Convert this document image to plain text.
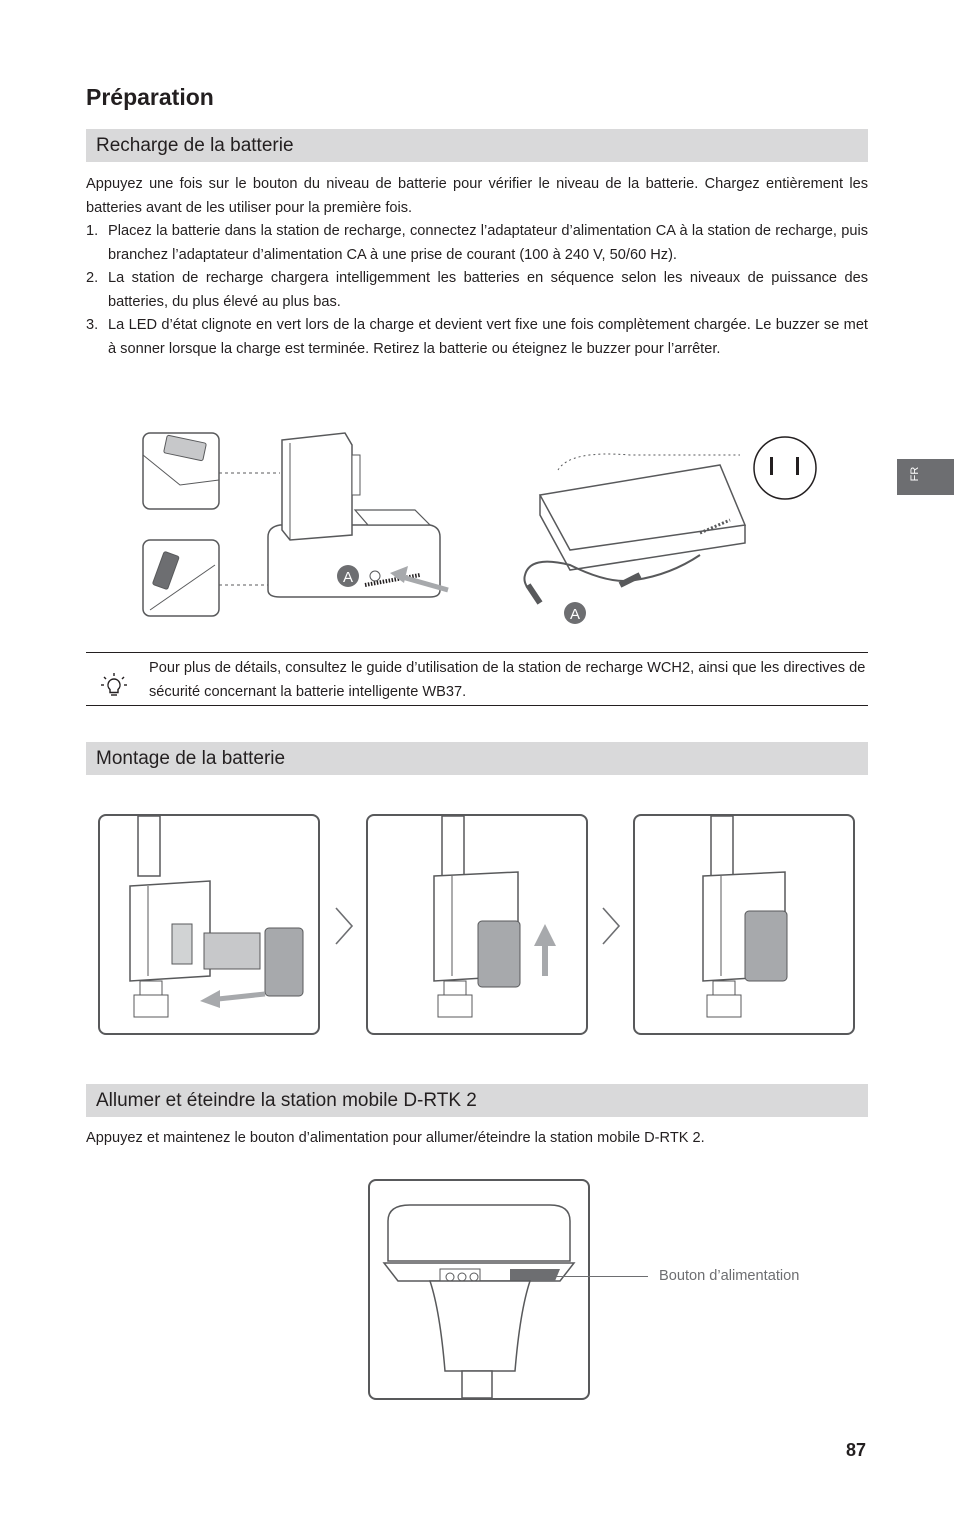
Préparation
Recharge de la batterie
Appuyez une fois sur le bouton du niveau de batterie pour vérifier le niveau de la batterie. Chargez entièrement les batteries avant de les utiliser pour la première fois.
1. Placez la batterie dans la station de recharge, connectez l’adaptateur d’alimentation CA à la station de recharge, puis branchez l’adaptateur d’alimentation CA à une prise de courant (100 à 240 V, 50/60 Hz).
2. La station de recharge chargera intelligemment les batteries en séquence selon les niveaux de puissance des batteries, du plus élevé au plus bas.
3. La LED d’état clignote en vert lors de la charge et devient vert fixe une fois complètement chargée. Le buzzer se met à sonner lorsque la charge est terminée. Retirez la batterie ou éteignez le buzzer pour l’arrêter.
FR
A
A
Pour plus de détails, consultez le guide d’utilisation de la station de recharge WCH2, ainsi que les directives de sécurité concernant la batterie intelligente WB37.
Montage de la batterie
Allumer et éteindre la station mobile D-RTK 2
Appuyez et maintenez le bouton d’alimentation pour allumer/éteindre la station mobile D-RTK 2.
Bouton d’alimentation
87
